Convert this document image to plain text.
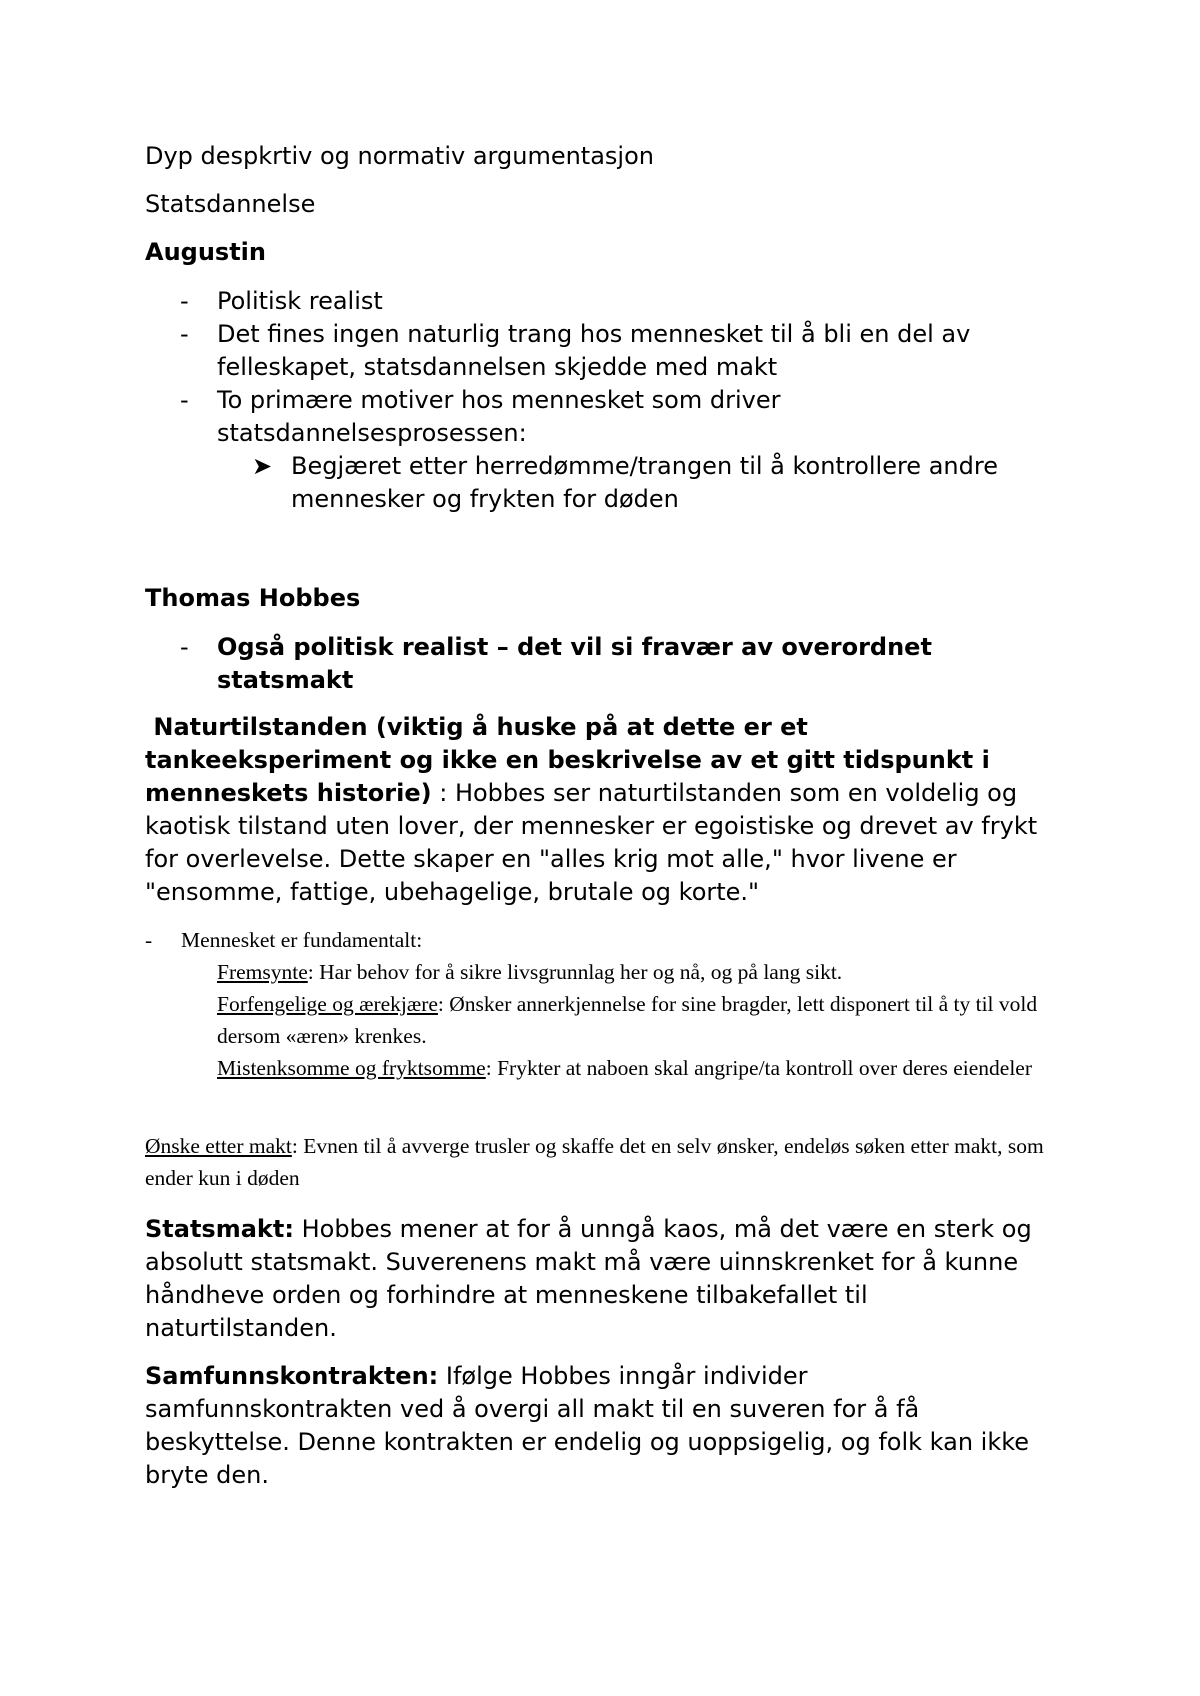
Dyp despkrtiv og normativ argumentasjon
Statsdannelse
Augustin
- Politisk realist
- Det fines ingen naturlig trang hos mennesket til å bli en del av felleskapet, statsdannelsen skjedde med makt
- To primære motiver hos mennesket som driver statsdannelsesprosessen:
➤ Begjæret etter herredømme/trangen til å kontrollere andre mennesker og frykten for døden
Thomas Hobbes
- Også politisk realist – det vil si fravær av overordnet statsmakt
Naturtilstanden (viktig å huske på at dette er et tankeeksperiment og ikke en beskrivelse av et gitt tidspunkt i menneskets historie) : Hobbes ser naturtilstanden som en voldelig og kaotisk tilstand uten lover, der mennesker er egoistiske og drevet av frykt for overlevelse. Dette skaper en "alles krig mot alle," hvor livene er "ensomme, fattige, ubehagelige, brutale og korte."
- Mennesket er fundamentalt:
Fremsynte: Har behov for å sikre livsgrunnlag her og nå, og på lang sikt.
Forfengelige og ærekjære: Ønsker annerkjennelse for sine bragder, lett disponert til å ty til vold dersom «æren» krenkes.
Mistenksomme og fryktsomme: Frykter at naboen skal angripe/ta kontroll over deres eiendeler
Ønske etter makt: Evnen til å avverge trusler og skaffe det en selv ønsker, endeløs søken etter makt, som ender kun i døden
Statsmakt: Hobbes mener at for å unngå kaos, må det være en sterk og absolutt statsmakt. Suverenens makt må være uinnskrenket for å kunne håndheve orden og forhindre at menneskene tilbakefallet til naturtilstanden.
Samfunnskontrakten: Ifølge Hobbes inngår individer samfunnskontrakten ved å overgi all makt til en suveren for å få beskyttelse. Denne kontrakten er endelig og uoppsigelig, og folk kan ikke bryte den.
